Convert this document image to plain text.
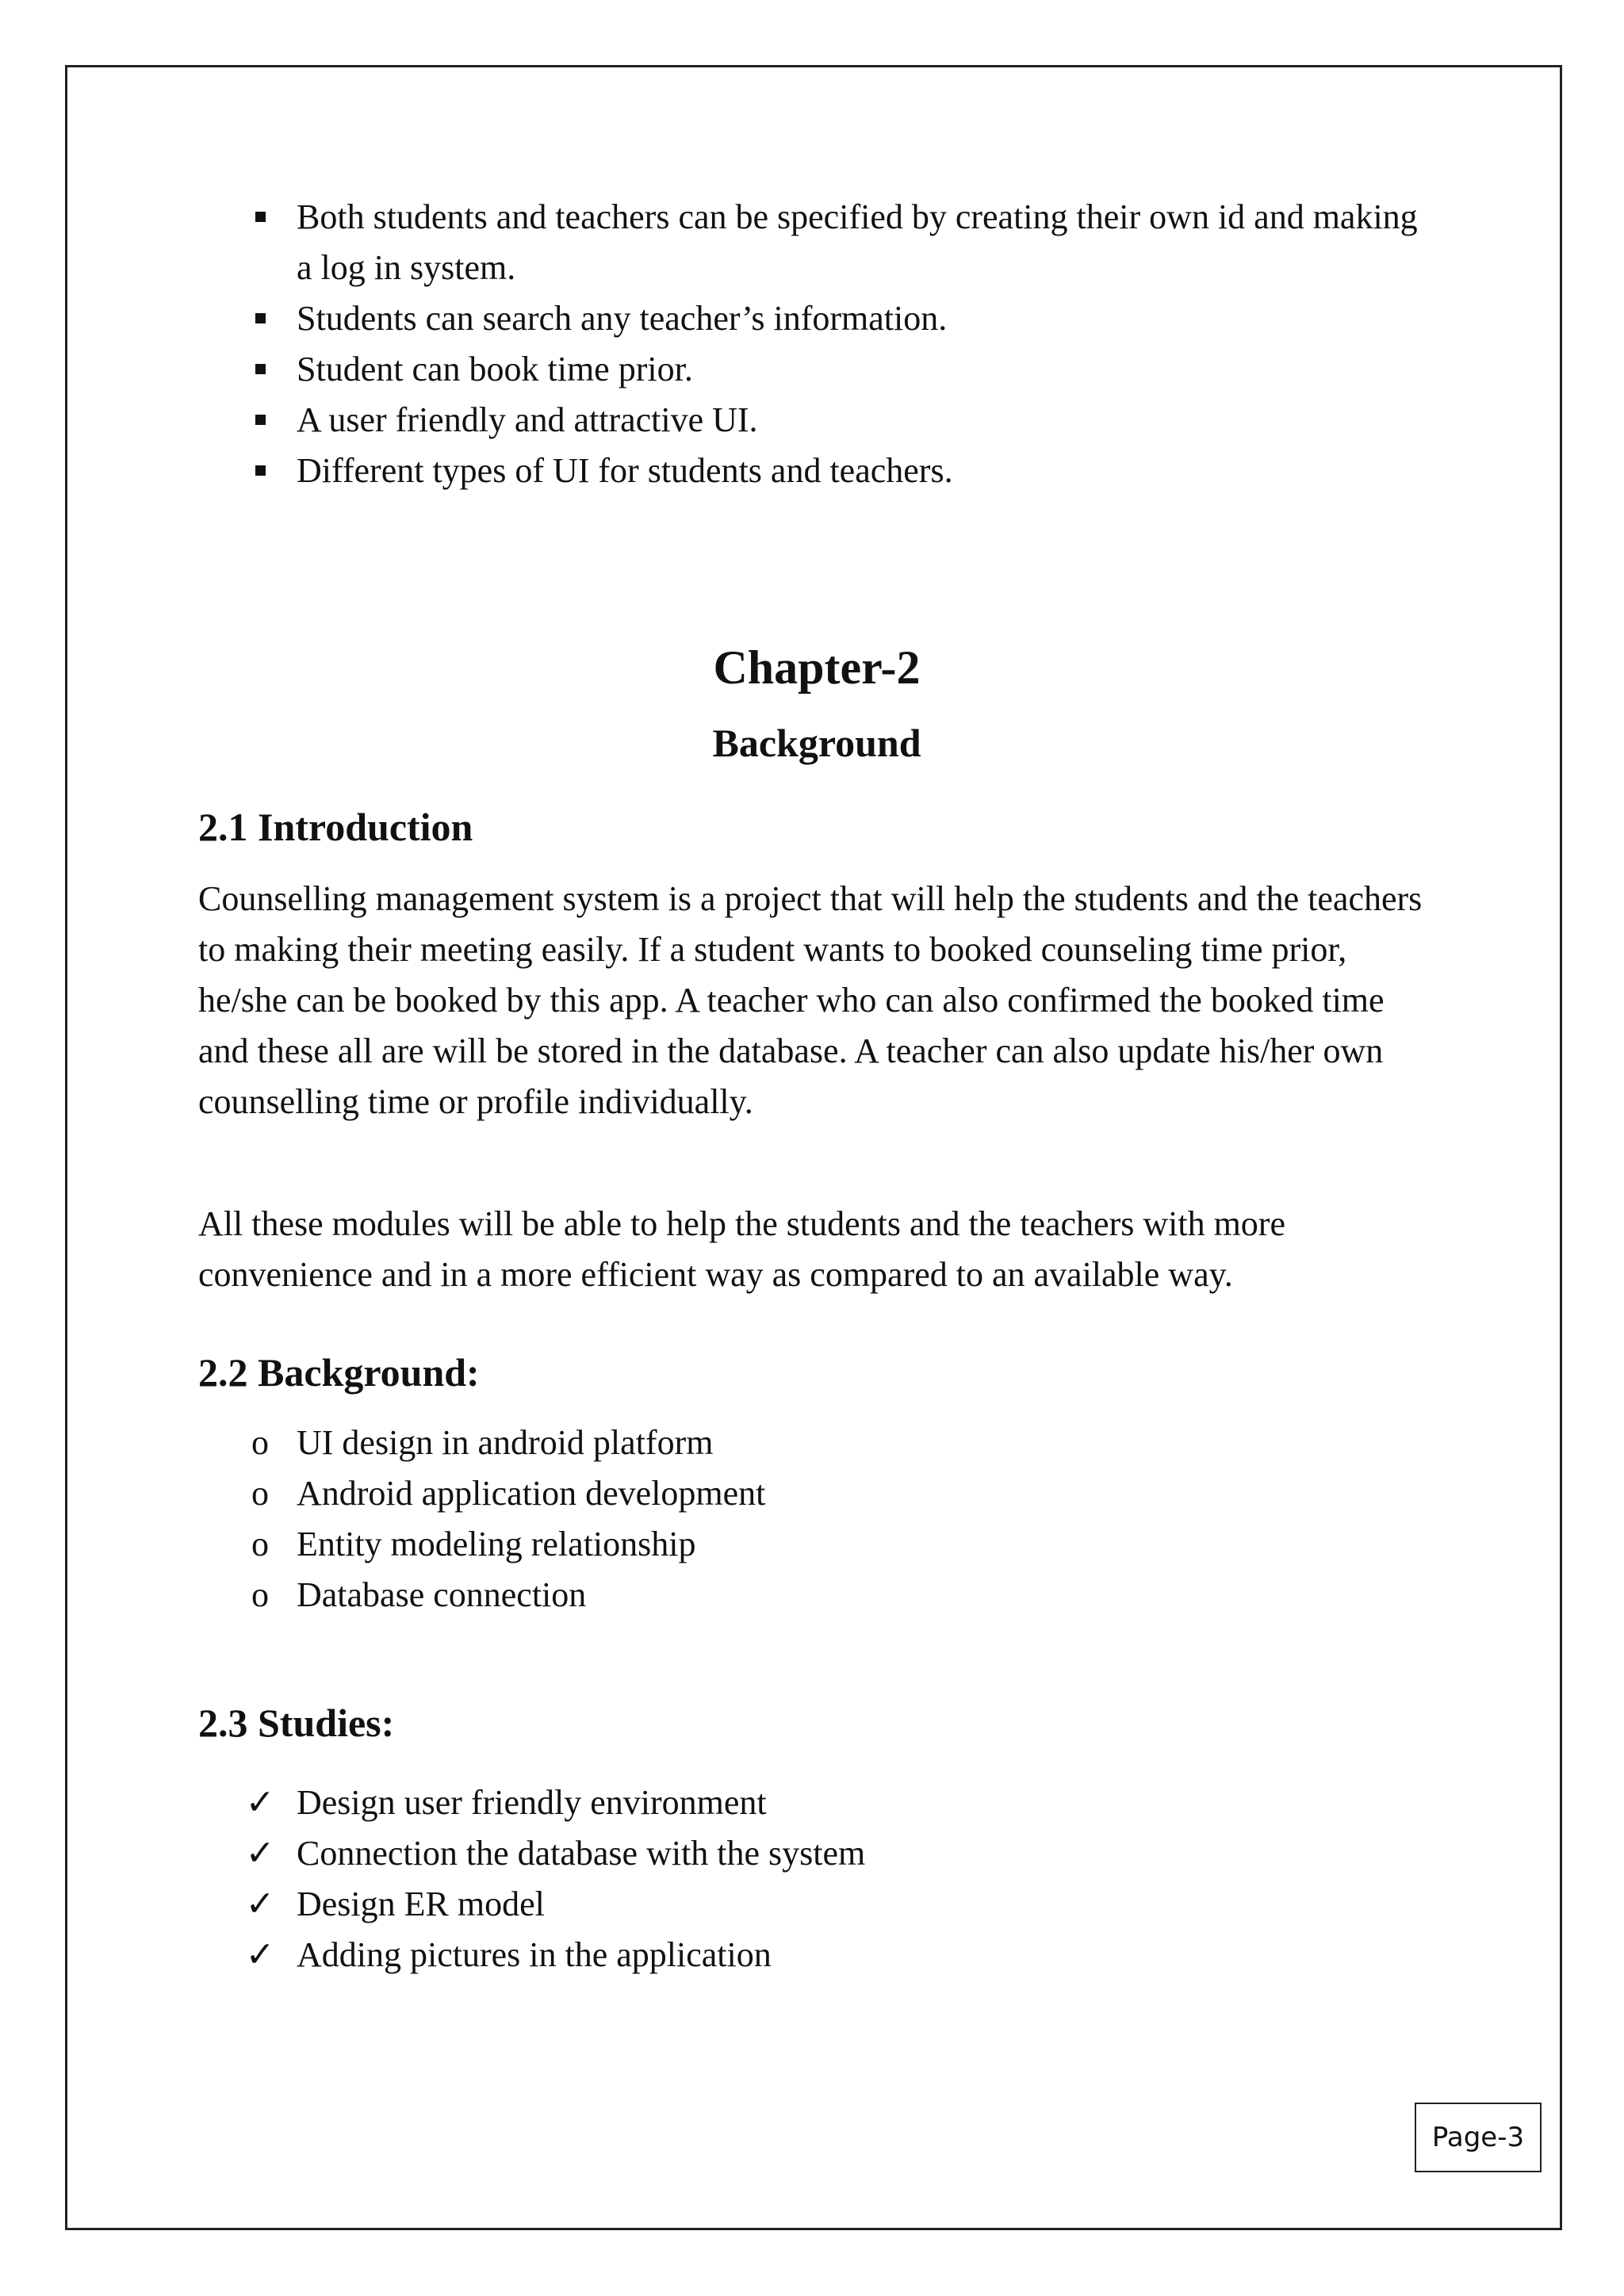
Both students and teachers can be specified by creating their own id and making a log in system.
Students can search any teacher’s information.
Student can book time prior.
A user friendly and attractive UI.
Different types of UI for students and teachers.
Chapter-2
Background
2.1 Introduction

Counselling management system is a project that will help the students and the teachers to making their meeting easily. If a student wants to booked counseling time prior, he/she can be booked by this app. A teacher who can also confirmed the booked time and these all are will be stored in the database. A teacher can also update his/her own counselling time or profile individually.

All these modules will be able to help the students and the teachers with more convenience and in a more efficient way as compared to an available way.

2.2 Background:
o UI design in android platform
o Android application development
o Entity modeling relationship
o Database connection
2.3 Studies:
✓ Design user friendly environment
✓ Connection the database with the system
✓ Design ER model
✓ Adding pictures in the application
Page-3
